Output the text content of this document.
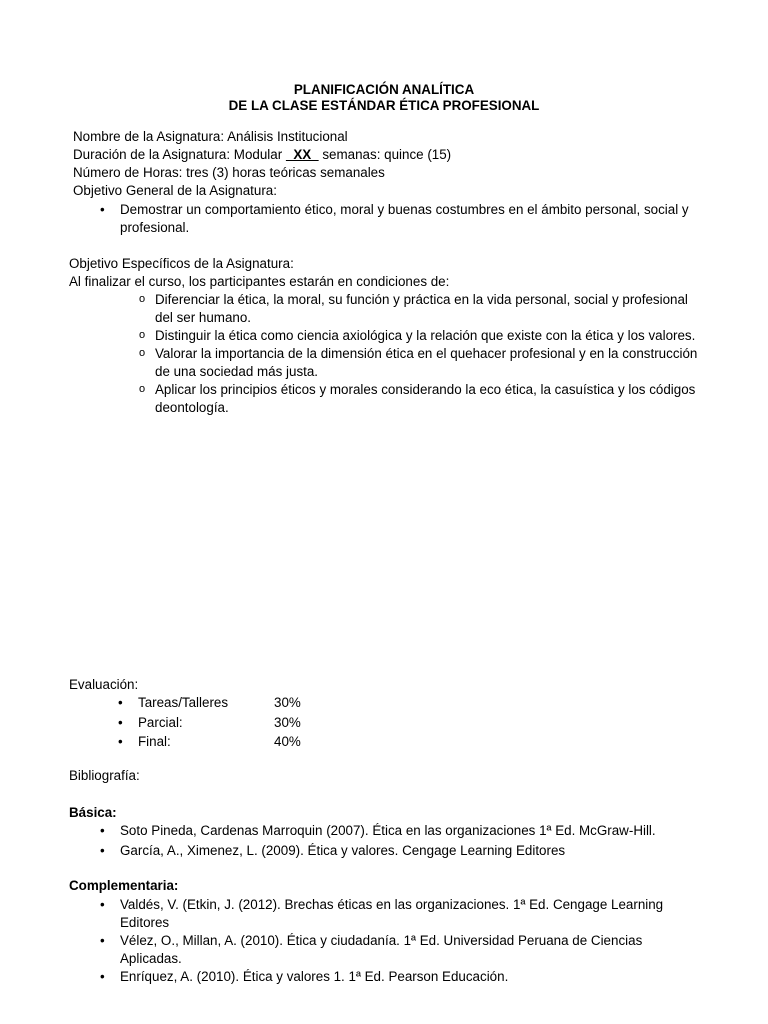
PLANIFICACIÓN ANALÍTICA

DE LA CLASE ESTÁNDAR ÉTICA PROFESIONAL

Nombre de la Asignatura: Análisis Institucional
Duración de la Asignatura: Modular   XX   semanas: quince (15)
Número de Horas: tres (3) horas teóricas semanales
Objetivo General de la Asignatura:
• Demostrar un comportamiento ético, moral y buenas costumbres en el ámbito personal, social y profesional.
Objetivo Específicos de la Asignatura:
Al finalizar el curso, los participantes estarán en condiciones de:
o Diferenciar la ética, la moral, su función y práctica en la vida personal, social y profesional del ser humano.
o Distinguir la ética como ciencia axiológica y la relación que existe con la ética y los valores.
o Valorar la importancia de la dimensión ética en el quehacer profesional y en la construcción de una sociedad más justa.
o Aplicar los principios éticos y morales considerando la eco ética, la casuística y los códigos deontología.
Evaluación:
• Tareas/Talleres	30%
• Parcial:	30%
• Final:	40%
Bibliografía:
Básica:
• Soto Pineda, Cardenas Marroquin (2007). Ética en las organizaciones 1ª Ed. McGraw-Hill.
• García, A., Ximenez, L. (2009). Ética y valores. Cengage Learning Editores
Complementaria:
• Valdés, V. (Etkin, J. (2012). Brechas éticas en las organizaciones. 1ª Ed. Cengage Learning Editores
• Vélez, O., Millan, A. (2010). Ética y ciudadanía. 1ª Ed. Universidad Peruana de Ciencias Aplicadas.
• Enríquez, A. (2010). Ética y valores 1. 1ª Ed. Pearson Educación.
